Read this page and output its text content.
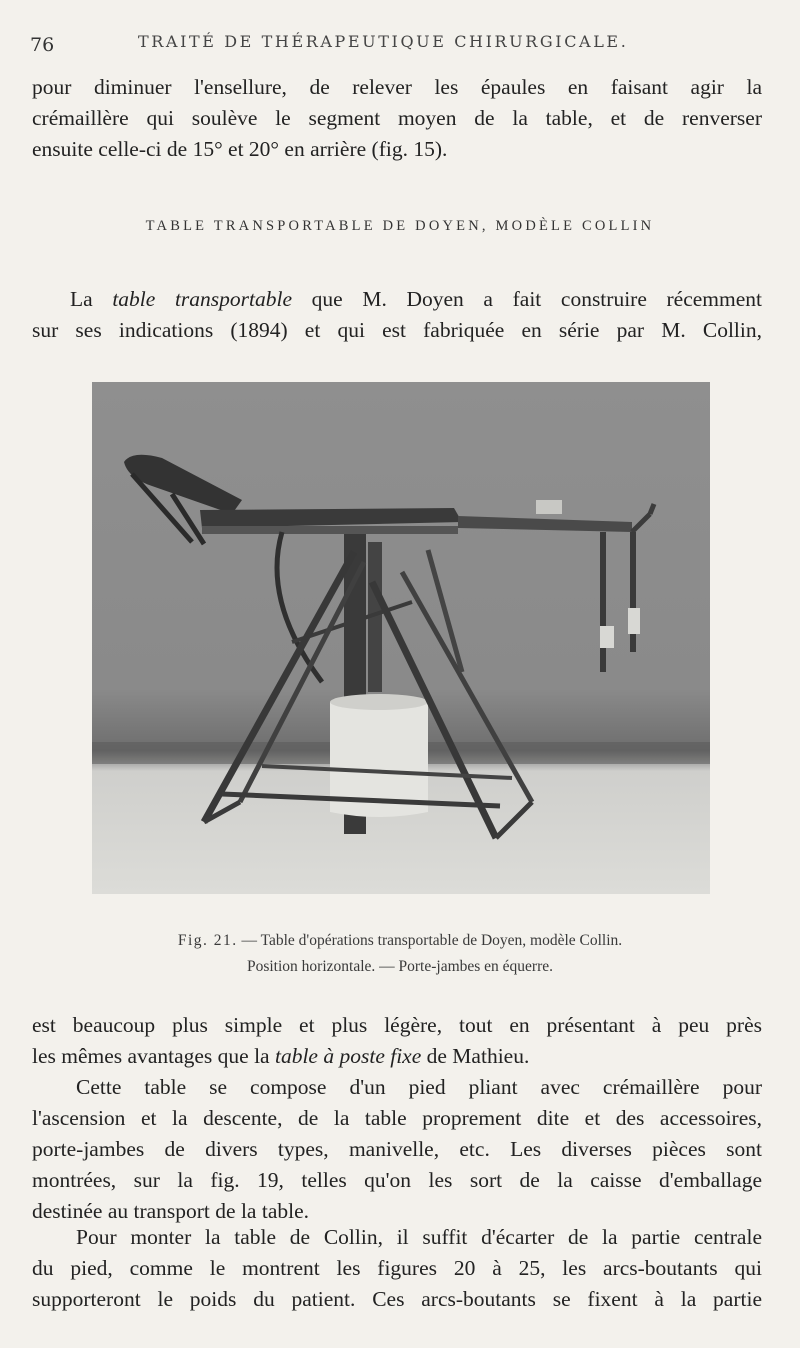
76	TRAITÉ DE THÉRAPEUTIQUE CHIRURGICALE.

pour diminuer l'ensellure, de relever les épaules en faisant agir la
crémaillère qui soulève le segment moyen de la table, et de renverser
ensuite celle-ci de 15° et 20° en arrière (fig. 15).

TABLE TRANSPORTABLE DE DOYEN, MODÈLE COLLIN

La table transportable que M. Doyen a fait construire récemment
sur ses indications (1894) et qui est fabriquée en série par M. Collin,

Fig. 21. — Table d'opérations transportable de Doyen, modèle Collin.
Position horizontale. — Porte-jambes en équerre.

est beaucoup plus simple et plus légère, tout en présentant à peu près
les mêmes avantages que la table à poste fixe de Mathieu.

Cette table se compose d'un pied pliant avec crémaillère pour
l'ascension et la descente, de la table proprement dite et des accessoires,
porte-jambes de divers types, manivelle, etc. Les diverses pièces sont
montrées, sur la fig. 19, telles qu'on les sort de la caisse d'emballage
destinée au transport de la table.

Pour monter la table de Collin, il suffit d'écarter de la partie centrale
du pied, comme le montrent les figures 20 à 25, les arcs-boutants qui
supporteront le poids du patient. Ces arcs-boutants se fixent à la partie
